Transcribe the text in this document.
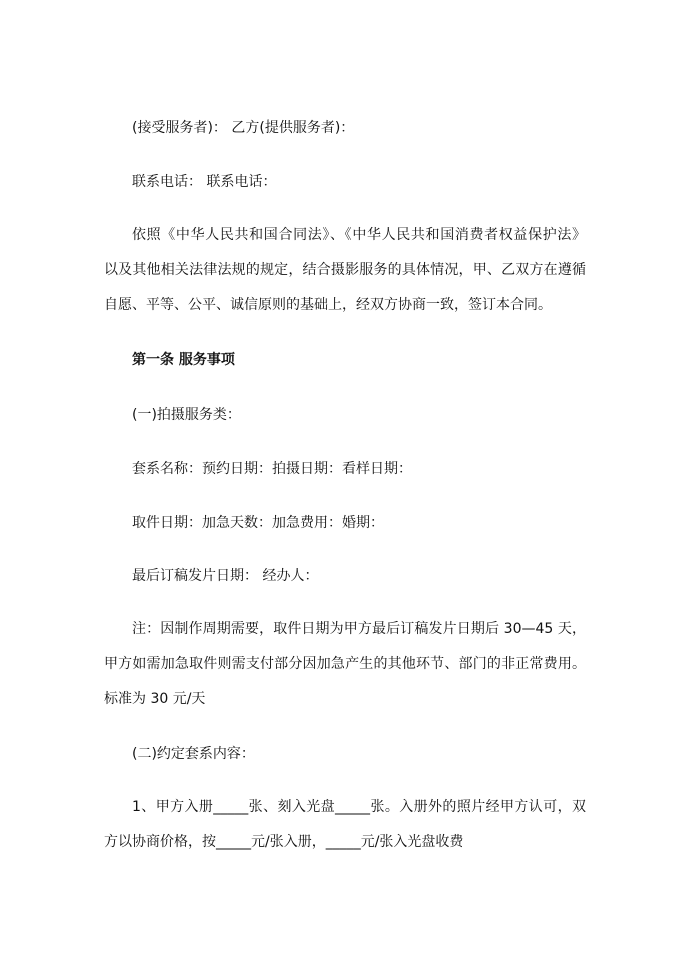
(接受服务者)： 乙方(提供服务者)：

联系电话： 联系电话：

依照《中华人民共和国合同法》、《中华人民共和国消费者权益保护法》
以及其他相关法律法规的规定，结合摄影服务的具体情况，甲、乙双方在遵循
自愿、平等、公平、诚信原则的基础上，经双方协商一致，签订本合同。

第一条 服务事项

(一)拍摄服务类：

套系名称：预约日期：拍摄日期：看样日期：

取件日期：加急天数：加急费用：婚期：

最后订稿发片日期： 经办人：

注：因制作周期需要，取件日期为甲方最后订稿发片日期后 30—45 天，
甲方如需加急取件则需支付部分因加急产生的其他环节、部门的非正常费用。
标准为 30 元/天

(二)约定套系内容：

1、甲方入册_____张、刻入光盘_____张。入册外的照片经甲方认可，双
方以协商价格，按_____元/张入册，_____元/张入光盘收费
